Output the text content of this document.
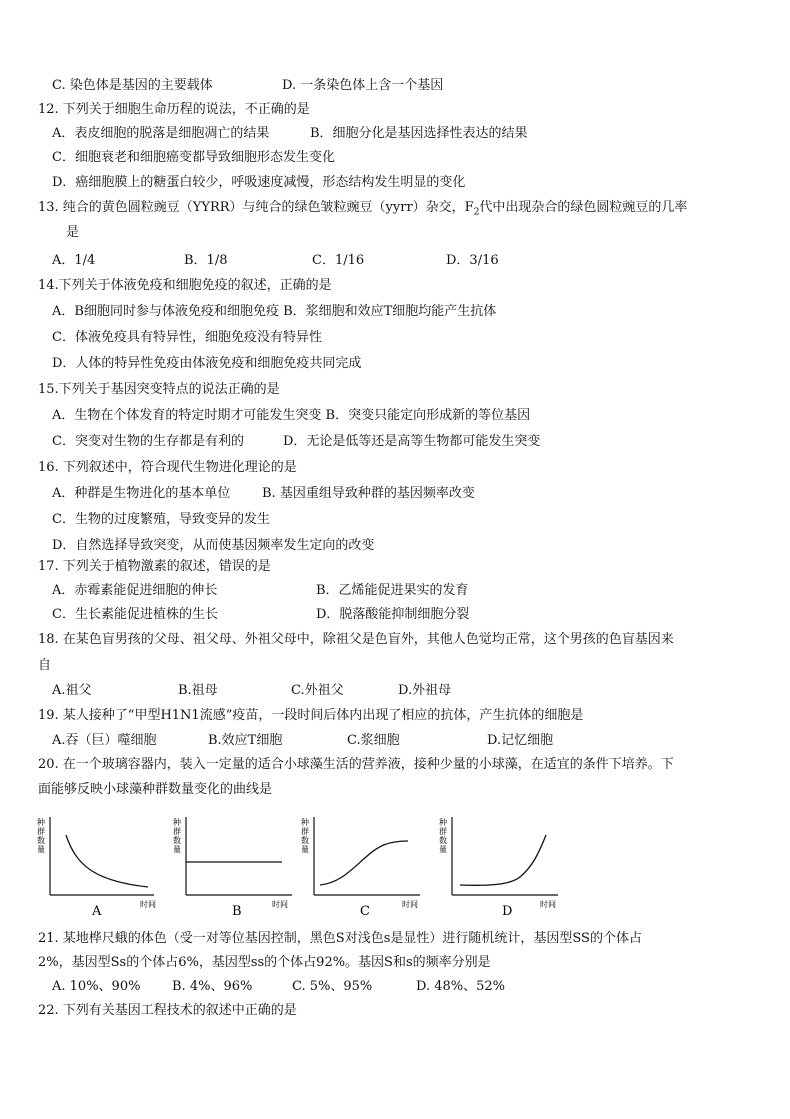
C. 染色体是基因的主要载体	D. 一条染色体上含一个基因
12. 下列关于细胞生命历程的说法，不正确的是
A．表皮细胞的脱落是细胞凋亡的结果	B．细胞分化是基因选择性表达的结果
C．细胞衰老和细胞癌变都导致细胞形态发生变化
D．癌细胞膜上的糖蛋白较少，呼吸速度减慢，形态结构发生明显的变化
13. 纯合的黄色圆粒豌豆（YYRR）与纯合的绿色皱粒豌豆（yyrr）杂交，$F_2$代中出现杂合的绿色圆粒豌豆的几率
是
A．1/4	B．1/8	C．1/16	D．3/16
14.下列关于体液免疫和细胞免疫的叙述，正确的是
A．B细胞同时参与体液免疫和细胞免疫 B．浆细胞和效应T细胞均能产生抗体
C．体液免疫具有特异性，细胞免疫没有特异性
D．人体的特异性免疫由体液免疫和细胞免疫共同完成
15.下列关于基因突变特点的说法正确的是
A．生物在个体发育的特定时期才可能发生突变 B．突变只能定向形成新的等位基因
C．突变对生物的生存都是有利的	D．无论是低等还是高等生物都可能发生突变
16. 下列叙述中，符合现代生物进化理论的是
A．种群是生物进化的基本单位 B. 基因重组导致种群的基因频率改变
C．生物的过度繁殖，导致变异的发生
D．自然选择导致突变，从而使基因频率发生定向的改变
17. 下列关于植物激素的叙述，错误的是
A．赤霉素能促进细胞的伸长	B．乙烯能促进果实的发育
C．生长素能促进植株的生长	D．脱落酸能抑制细胞分裂
18. 在某色盲男孩的父母、祖父母、外祖父母中，除祖父是色盲外，其他人色觉均正常，这个男孩的色盲基因来
自
A.祖父	B.祖母	C.外祖父	D.外祖母
19. 某人接种了“甲型H1N1流感”疫苗，一段时间后体内出现了相应的抗体，产生抗体的细胞是
A.吞（巨）噬细胞	B.效应T细胞	C.浆细胞	D.记忆细胞
20. 在一个玻璃容器内，装入一定量的适合小球藻生活的营养液，接种少量的小球藻，在适宜的条件下培养。下
面能够反映小球藻种群数量变化的曲线是
种
群
数
量
A	时间
种
群
数
量
B	时间
种
群
数
量
C	时间
种
群
数
量
D	时间
21. 某地桦尺蛾的体色（受一对等位基因控制，黑色S对浅色s是显性）进行随机统计，基因型SS的个体占
2%，基因型Ss的个体占6%，基因型ss的个体占92%。基因S和s的频率分别是
A. 10%、90% B. 4%、96%	C. 5%、95%	D. 48%、52%
22. 下列有关基因工程技术的叙述中正确的是
